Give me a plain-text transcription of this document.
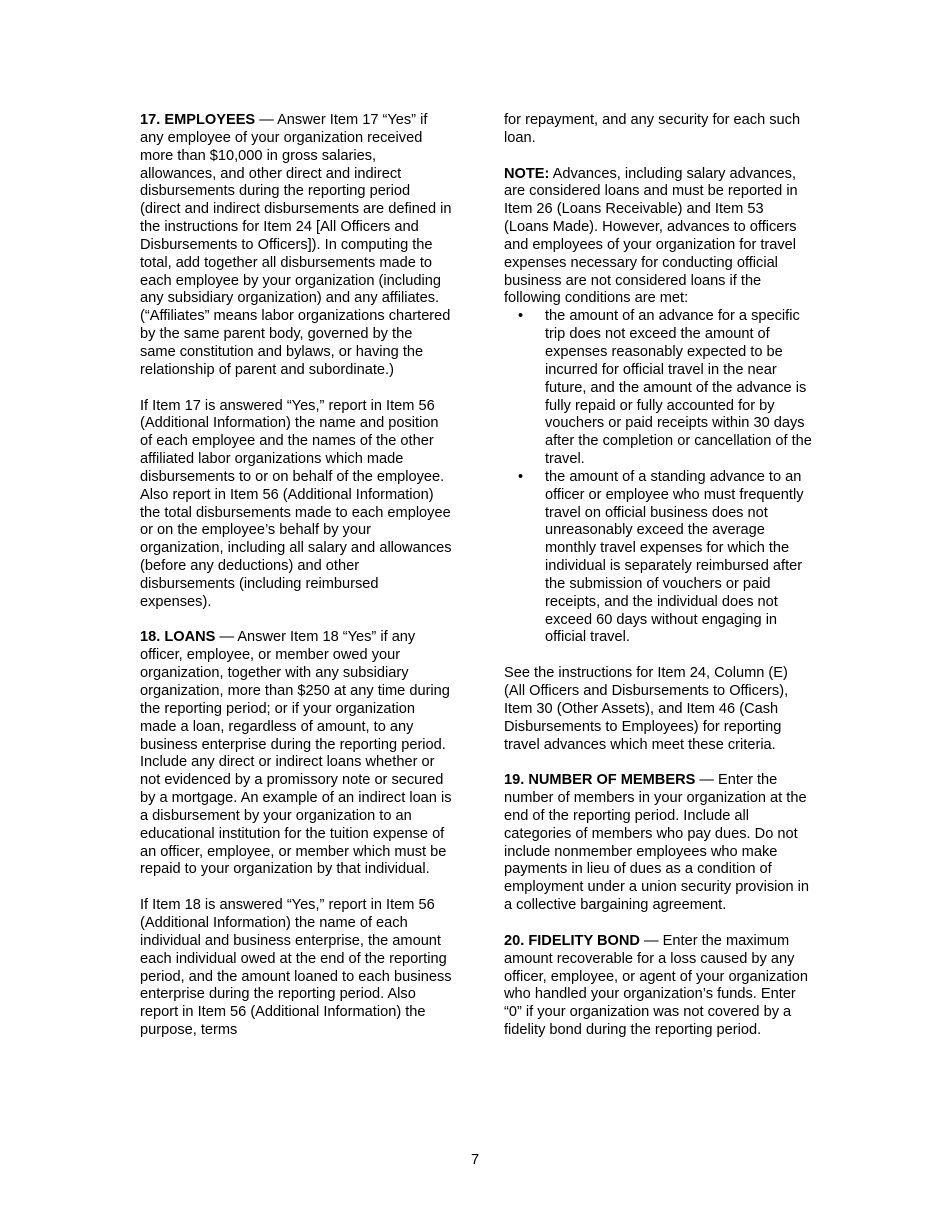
17. EMPLOYEES — Answer Item 17 “Yes” if any employee of your organization received more than $10,000 in gross salaries, allowances, and other direct and indirect disbursements during the reporting period (direct and indirect disbursements are defined in the instructions for Item 24 [All Officers and Disbursements to Officers]). In computing the total, add together all disbursements made to each employee by your organization (including any subsidiary organization) and any affiliates. (“Affiliates” means labor organizations chartered by the same parent body, governed by the same constitution and bylaws, or having the relationship of parent and subordinate.)

If Item 17 is answered “Yes,” report in Item 56 (Additional Information) the name and position of each employee and the names of the other affiliated labor organizations which made disbursements to or on behalf of the employee. Also report in Item 56 (Additional Information) the total disbursements made to each employee or on the employee’s behalf by your organization, including all salary and allowances (before any deductions) and other disbursements (including reimbursed expenses).

18. LOANS — Answer Item 18 “Yes” if any officer, employee, or member owed your organization, together with any subsidiary organization, more than $250 at any time during the reporting period; or if your organization made a loan, regardless of amount, to any business enterprise during the reporting period. Include any direct or indirect loans whether or not evidenced by a promissory note or secured by a mortgage. An example of an indirect loan is a disbursement by your organization to an educational institution for the tuition expense of an officer, employee, or member which must be repaid to your organization by that individual.

If Item 18 is answered “Yes,” report in Item 56 (Additional Information) the name of each individual and business enterprise, the amount each individual owed at the end of the reporting period, and the amount loaned to each business enterprise during the reporting period. Also report in Item 56 (Additional Information) the purpose, terms

for repayment, and any security for each such loan.

NOTE: Advances, including salary advances, are considered loans and must be reported in Item 26 (Loans Receivable) and Item 53 (Loans Made). However, advances to officers and employees of your organization for travel expenses necessary for conducting official business are not considered loans if the following conditions are met:

• the amount of an advance for a specific trip does not exceed the amount of expenses reasonably expected to be incurred for official travel in the near future, and the amount of the advance is fully repaid or fully accounted for by vouchers or paid receipts within 30 days after the completion or cancellation of the travel.
• the amount of a standing advance to an officer or employee who must frequently travel on official business does not unreasonably exceed the average monthly travel expenses for which the individual is separately reimbursed after the submission of vouchers or paid receipts, and the individual does not exceed 60 days without engaging in official travel.

See the instructions for Item 24, Column (E) (All Officers and Disbursements to Officers), Item 30 (Other Assets), and Item 46 (Cash Disbursements to Employees) for reporting travel advances which meet these criteria.

19. NUMBER OF MEMBERS — Enter the number of members in your organization at the end of the reporting period. Include all categories of members who pay dues. Do not include nonmember employees who make payments in lieu of dues as a condition of employment under a union security provision in a collective bargaining agreement.

20. FIDELITY BOND — Enter the maximum amount recoverable for a loss caused by any officer, employee, or agent of your organization who handled your organization’s funds. Enter “0” if your organization was not covered by a fidelity bond during the reporting period.

7
